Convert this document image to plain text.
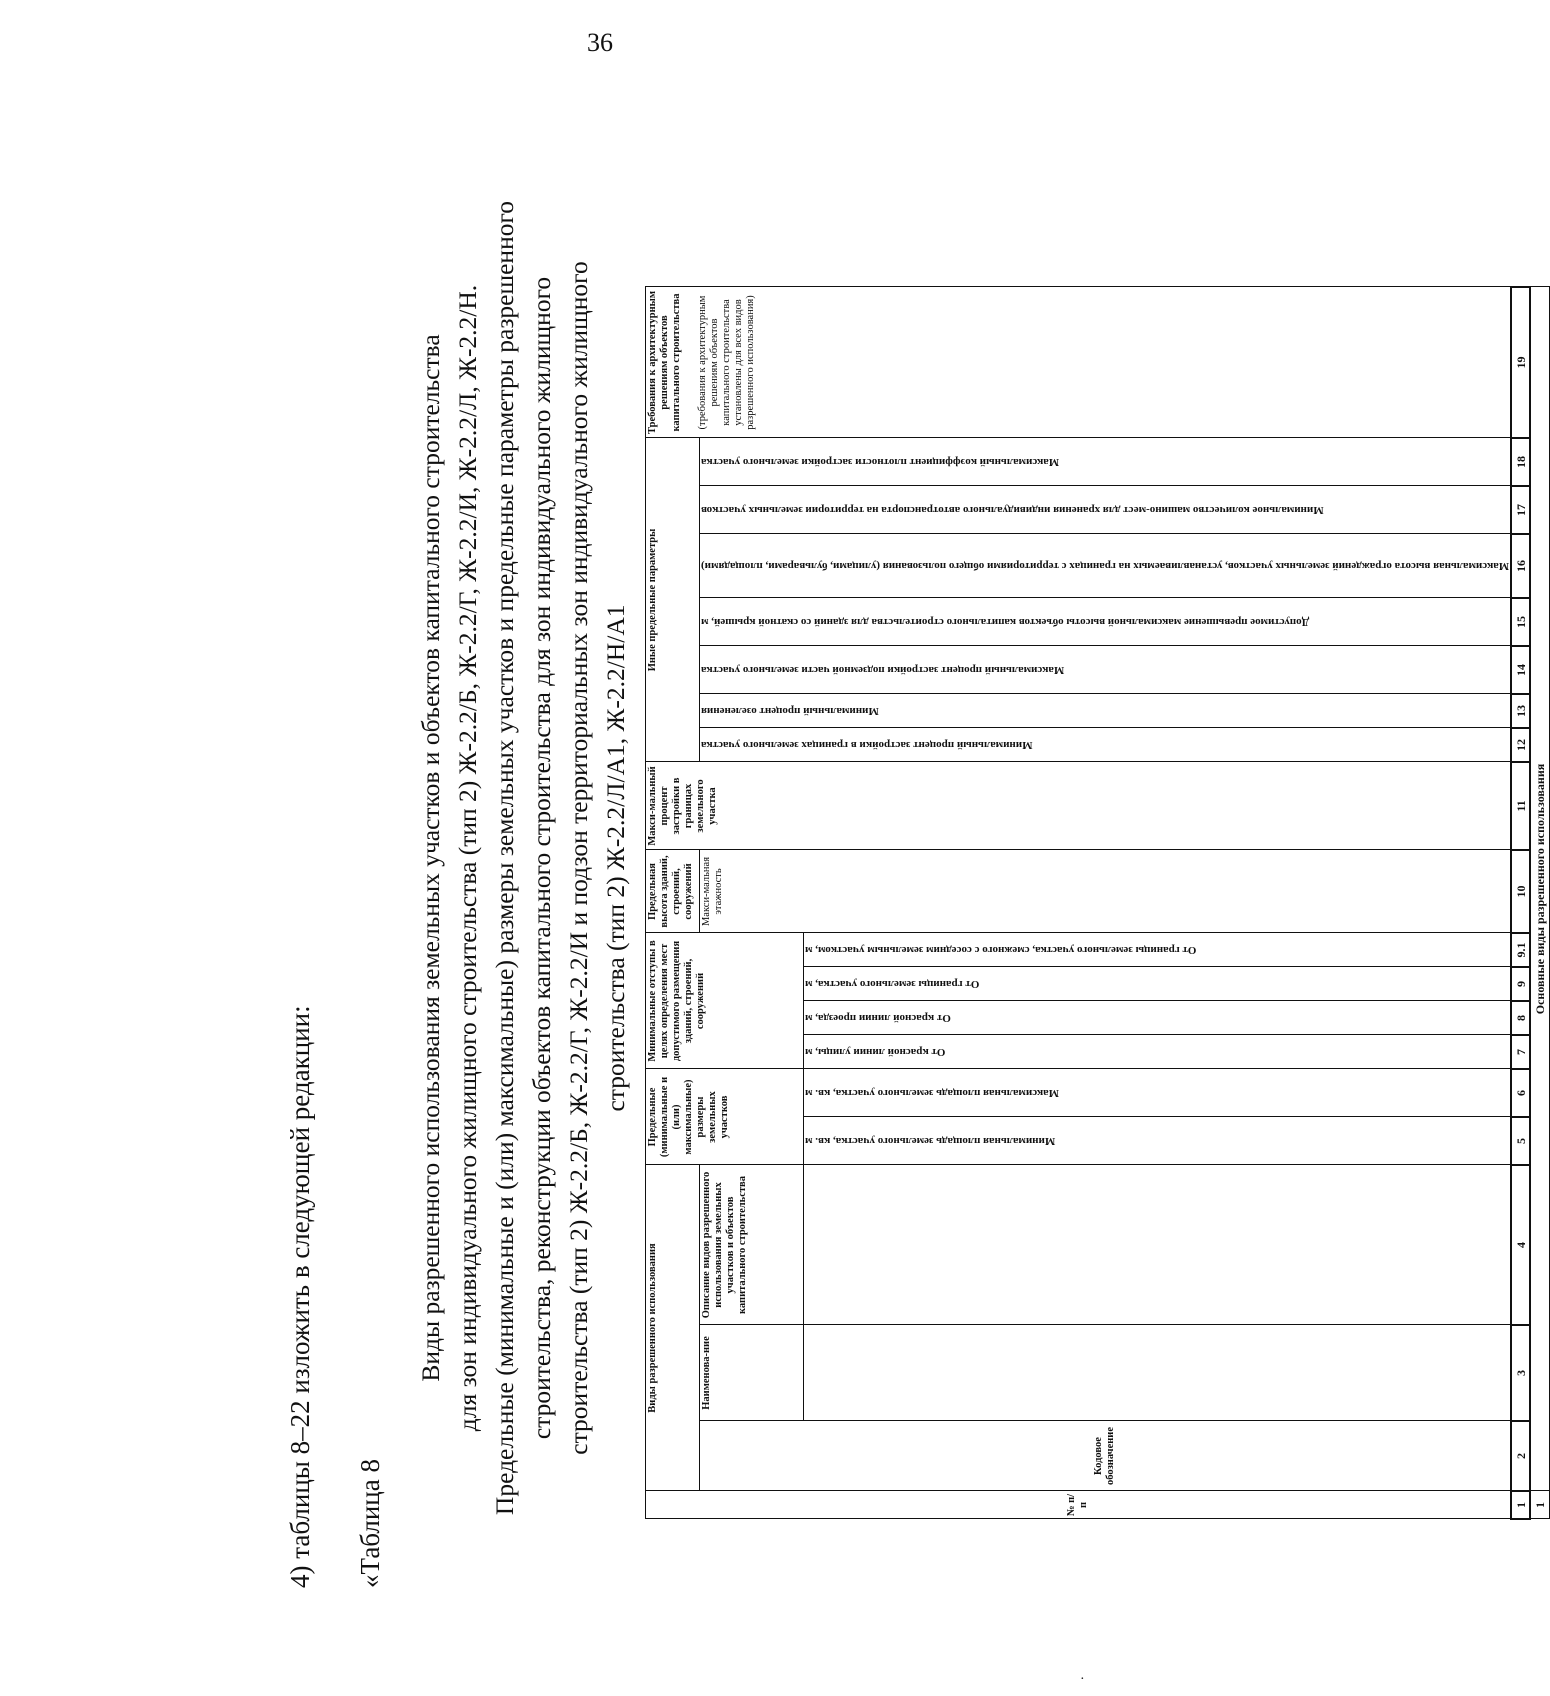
36
4) таблицы 8–22 изложить в следующей редакции: «Таблица 8
Виды разрешенного использования земельных участков и объектов капитального строительства для зон индивидуального жилищного строительства (тип 2) Ж-2.2/Б, Ж-2.2/Г, Ж-2.2/И, Ж-2.2/Л, Ж-2.2/Н. Предельные (минимальные и (или) максимальные) размеры земельных участков и предельные параметры разрешенного строительства, реконструкции объектов капитального строительства для зон индивидуального жилищного строительства (тип 2) Ж-2.2/Б, Ж-2.2/Г, Ж-2.2/И и подзон территориальных зон индивидуального жилищного строительства (тип 2) Ж-2.2/Л/А1, Ж-2.2/Н/А1
№ п/п	Виды разрешенного использования			Предельные (минимальные и (или) максимальные) размеры земельных участков		Минимальные отступы в целях определения мест допустимого размещения зданий, строений, сооружений				Предельная высота зданий, строений, сооружений	Макси-мальный процент застройки в границах земельного участка	Иные предельные параметры							Требования к архитектурным решениям объектов капитального строительства (требования к архитектурным решениям объектов капитального строительства установлены для всех видов разрешенного использования)

	Кодовое обозначение	Наименова-ние	Описание видов разрешенного использования земельных участков и объектов капитального строительства							Макси-мальная этажность		Минимальный процент застройки в границах земельного участка	Минимальный процент озеленения	Максимальный процент застройки подземной части земельного участка	Допустимое превышение максимальной высоты объектов капитального строительства для зданий со скатной крышей, м	Максимальная высота ограждений земельных участков, устанавливаемых на границах с территориями общего пользования (улицами, бульварами, площадями)	Минимальное количество машино-мест для хранения индивидуального автотранспорта на территории земельных участков	Максимальный коэффициент плотности застройки земельного участка	

				Минимальная площадь земельного участка, кв. м	Максимальная площадь земельного участка, кв. м	От красной линии улицы, м	От красной линии проезда, м	От границы земельного участка, м	От границы земельного участка, смежного с соседним земельным участком, м										

1	2	3	4	5	6	7	8	9	9.1	10	11	12	13	14	15	16	17	18	19
1	Основные виды разрешенного использования																		
·
